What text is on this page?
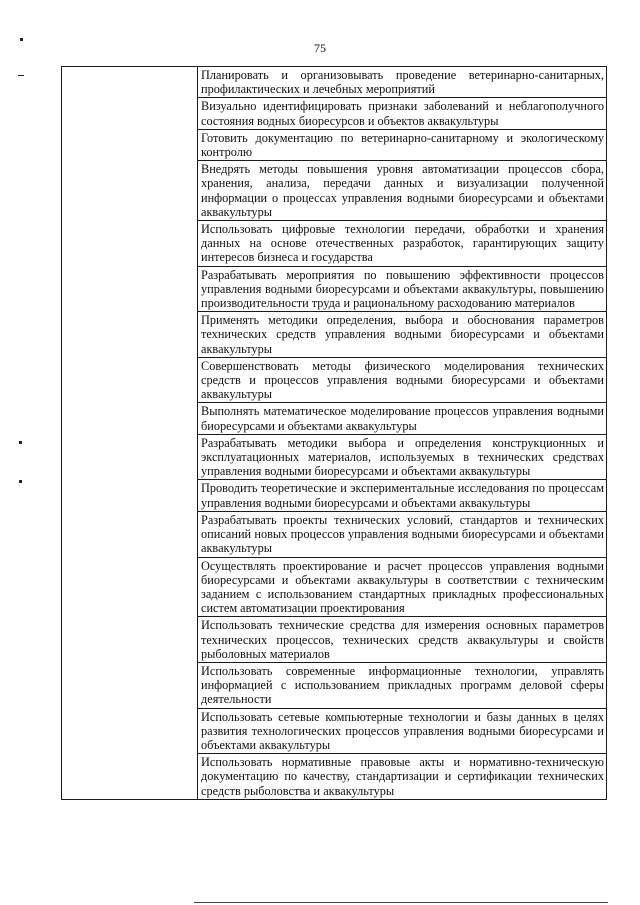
75

Планировать и организовывать проведение ветеринарно-санитарных, профилактических и лечебных мероприятий

Визуально идентифицировать признаки заболеваний и неблагополучного состояния водных биоресурсов и объектов аквакультуры

Готовить документацию по ветеринарно-санитарному и экологическому контролю

Внедрять методы повышения уровня автоматизации процессов сбора, хранения, анализа, передачи данных и визуализации полученной информации о процессах управления водными биоресурсами и объектами аквакультуры

Использовать цифровые технологии передачи, обработки и хранения данных на основе отечественных разработок, гарантирующих защиту интересов бизнеса и государства

Разрабатывать мероприятия по повышению эффективности процессов управления водными биоресурсами и объектами аквакультуры, повышению производительности труда и рациональному расходованию материалов

Применять методики определения, выбора и обоснования параметров технических средств управления водными биоресурсами и объектами аквакультуры

Совершенствовать методы физического моделирования технических средств и процессов управления водными биоресурсами и объектами аквакультуры

Выполнять математическое моделирование процессов управления водными биоресурсами и объектами аквакультуры

Разрабатывать методики выбора и определения конструкционных и эксплуатационных материалов, используемых в технических средствах управления водными биоресурсами и объектами аквакультуры

Проводить теоретические и экспериментальные исследования по процессам управления водными биоресурсами и объектами аквакультуры

Разрабатывать проекты технических условий, стандартов и технических описаний новых процессов управления водными биоресурсами и объектами аквакультуры

Осуществлять проектирование и расчет процессов управления водными биоресурсами и объектами аквакультуры в соответствии с техническим заданием с использованием стандартных прикладных профессиональных систем автоматизации проектирования

Использовать технические средства для измерения основных параметров технических процессов, технических средств аквакультуры и свойств рыболовных материалов

Использовать современные информационные технологии, управлять информацией с использованием прикладных программ деловой сферы деятельности

Использовать сетевые компьютерные технологии и базы данных в целях развития технологических процессов управления водными биоресурсами и объектами аквакультуры

Использовать нормативные правовые акты и нормативно-техническую документацию по качеству, стандартизации и сертификации технических средств рыболовства и аквакультуры
